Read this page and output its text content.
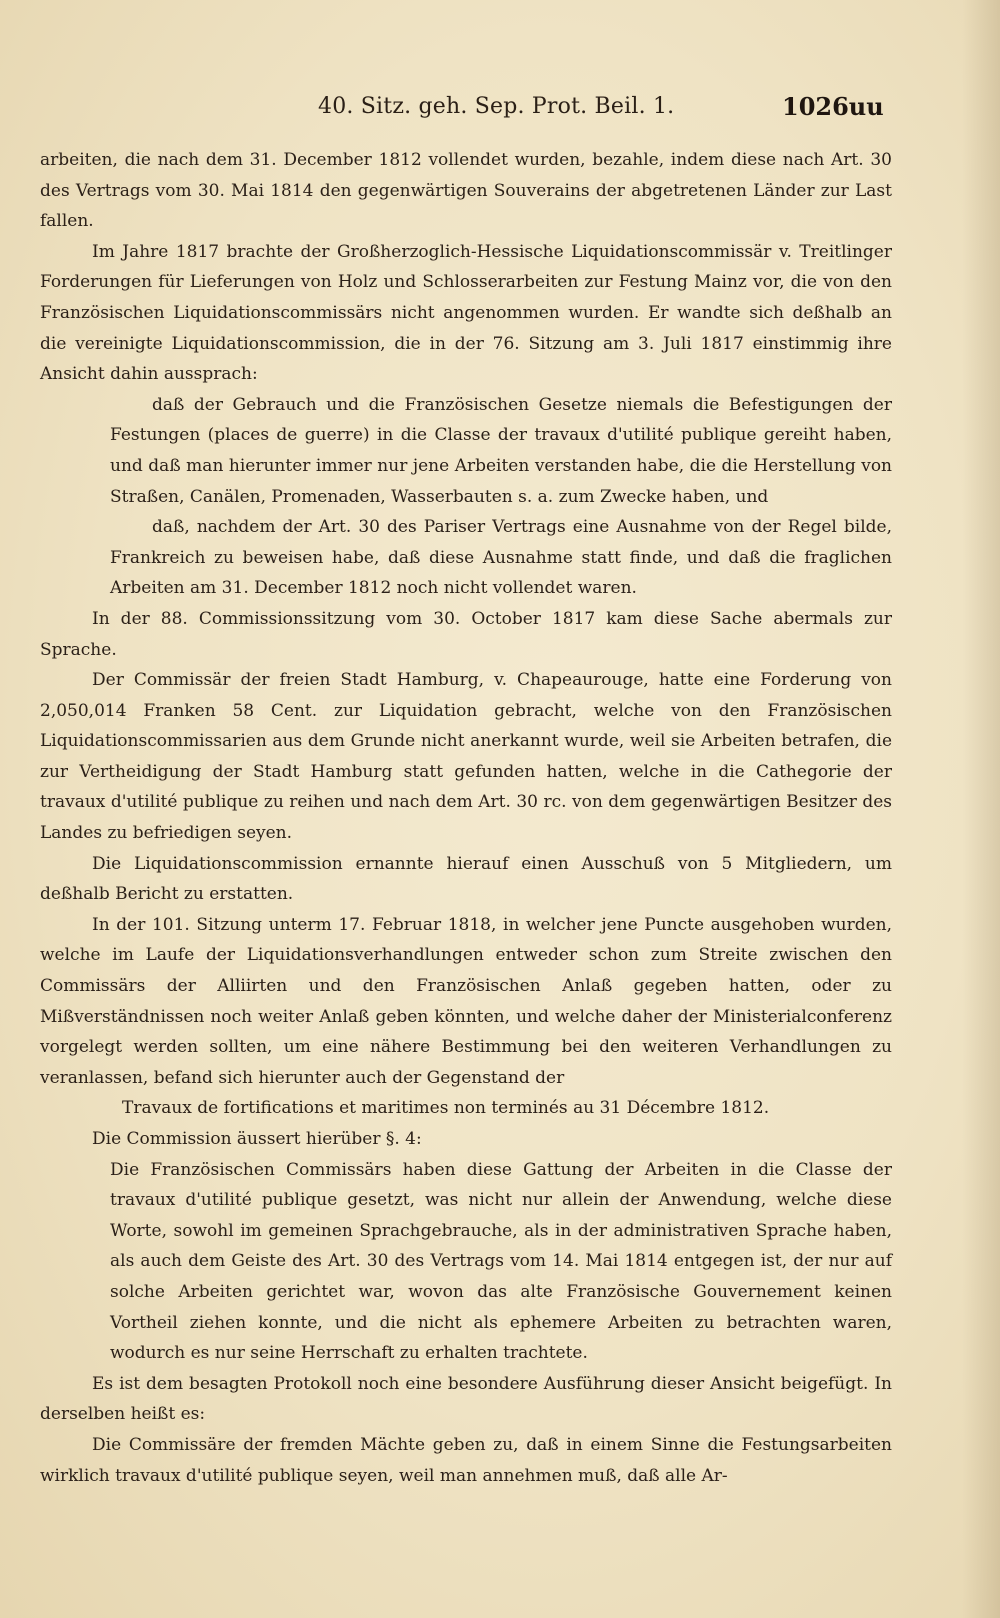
40. Sitz. geh. Sep. Prot. Beil. 1.	1026uu

arbeiten, die nach dem 31. December 1812 vollendet wurden, bezahle, indem diese nach Art. 30 des Vertrags vom 30. Mai 1814 den gegenwärtigen Souverains der abgetretenen Länder zur Last fallen.

Im Jahre 1817 brachte der Großherzoglich-Hessische Liquidationscommissär v. Treitlinger Forderungen für Lieferungen von Holz und Schlosserarbeiten zur Festung Mainz vor, die von den Französischen Liquidationscommissärs nicht angenommen wurden. Er wandte sich deßhalb an die vereinigte Liquidationscommission, die in der 76. Sitzung am 3. Juli 1817 einstimmig ihre Ansicht dahin aussprach:

daß der Gebrauch und die Französischen Gesetze niemals die Befestigungen der Festungen (places de guerre) in die Classe der travaux d'utilité publique gereiht haben, und daß man hierunter immer nur jene Arbeiten verstanden habe, die die Herstellung von Straßen, Canälen, Promenaden, Wasserbauten s. a. zum Zwecke haben, und

daß, nachdem der Art. 30 des Pariser Vertrags eine Ausnahme von der Regel bilde, Frankreich zu beweisen habe, daß diese Ausnahme statt finde, und daß die fraglichen Arbeiten am 31. December 1812 noch nicht vollendet waren.

In der 88. Commissionssitzung vom 30. October 1817 kam diese Sache abermals zur Sprache.

Der Commissär der freien Stadt Hamburg, v. Chapeaurouge, hatte eine Forderung von 2,050,014 Franken 58 Cent. zur Liquidation gebracht, welche von den Französischen Liquidationscommissarien aus dem Grunde nicht anerkannt wurde, weil sie Arbeiten betrafen, die zur Vertheidigung der Stadt Hamburg statt gefunden hatten, welche in die Cathegorie der travaux d'utilité publique zu reihen und nach dem Art. 30 rc. von dem gegenwärtigen Besitzer des Landes zu befriedigen seyen.

Die Liquidationscommission ernannte hierauf einen Ausschuß von 5 Mitgliedern, um deßhalb Bericht zu erstatten.

In der 101. Sitzung unterm 17. Februar 1818, in welcher jene Puncte ausgehoben wurden, welche im Laufe der Liquidationsverhandlungen entweder schon zum Streite zwischen den Commissärs der Alliirten und den Französischen Anlaß gegeben hatten, oder zu Mißverständnissen noch weiter Anlaß geben könnten, und welche daher der Ministerialconferenz vorgelegt werden sollten, um eine nähere Bestimmung bei den weiteren Verhandlungen zu veranlassen, befand sich hierunter auch der Gegenstand der

Travaux de fortifications et maritimes non terminés au 31 Décembre 1812.

Die Commission äussert hierüber §. 4:

Die Französischen Commissärs haben diese Gattung der Arbeiten in die Classe der travaux d'utilité publique gesetzt, was nicht nur allein der Anwendung, welche diese Worte, sowohl im gemeinen Sprachgebrauche, als in der administrativen Sprache haben, als auch dem Geiste des Art. 30 des Vertrags vom 14. Mai 1814 entgegen ist, der nur auf solche Arbeiten gerichtet war, wovon das alte Französische Gouvernement keinen Vortheil ziehen konnte, und die nicht als ephemere Arbeiten zu betrachten waren, wodurch es nur seine Herrschaft zu erhalten trachtete.

Es ist dem besagten Protokoll noch eine besondere Ausführung dieser Ansicht beigefügt. In derselben heißt es:

Die Commissäre der fremden Mächte geben zu, daß in einem Sinne die Festungsarbeiten wirklich travaux d'utilité publique seyen, weil man annehmen muß, daß alle Ar-
